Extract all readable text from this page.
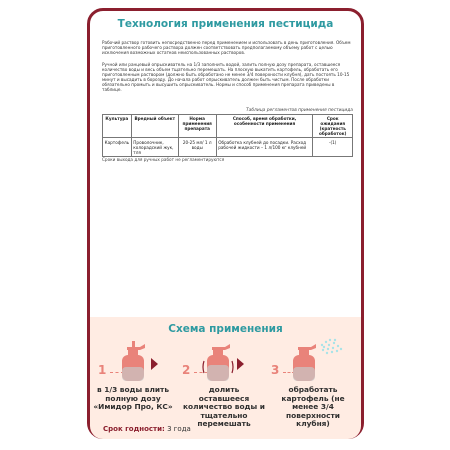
Технология применения пестицида
Рабочий раствор готовить непосредственно перед применением и использовать в день приготовления. Объем приготовленного рабочего раствора должен соответствовать предполагаемому объему работ с целью исключения возможных остатков неиспользованных растворов.
Ручной или ранцевый опрыскиватель на 1/3 заполнить водой, залить полную дозу препарата, оставшееся количество воды и весь объем тщательно перемешать. На плоскую выкатить картофель, обработать его приготовленным раствором (должно быть обработано не менее 3/4 поверхности клубня), дать постоять 10-15 минут и высадить в борозду. До начала работ опрыскиватель должен быть чистым. После обработки обязательно промыть и высушить опрыскиватель. Нормы и способ применения препарата приведены в таблице.
Таблица регламентов применения пестицида
Культура	Вредный объект	Норма применения препарата	Способ, время обработки, особенности применения	Срок ожидания (кратность обработок)
Картофель	Проволочник, колорадский жук, тля	20-25 мл/ 1 л воды	Обработка клубней до посадки. Расход рабочей жидкости – 1 л/100 кг клубней	-(1)
Сроки выхода для ручных работ не регламентируются
Схема применения
1	2	3
в 1/3 воды влить полную дозу «Имидор Про, КС»
долить оставшееся количество воды и тщательно перемешать
обработать картофель (не менее 3/4 поверхности клубня)
Срок годности: 3 года
